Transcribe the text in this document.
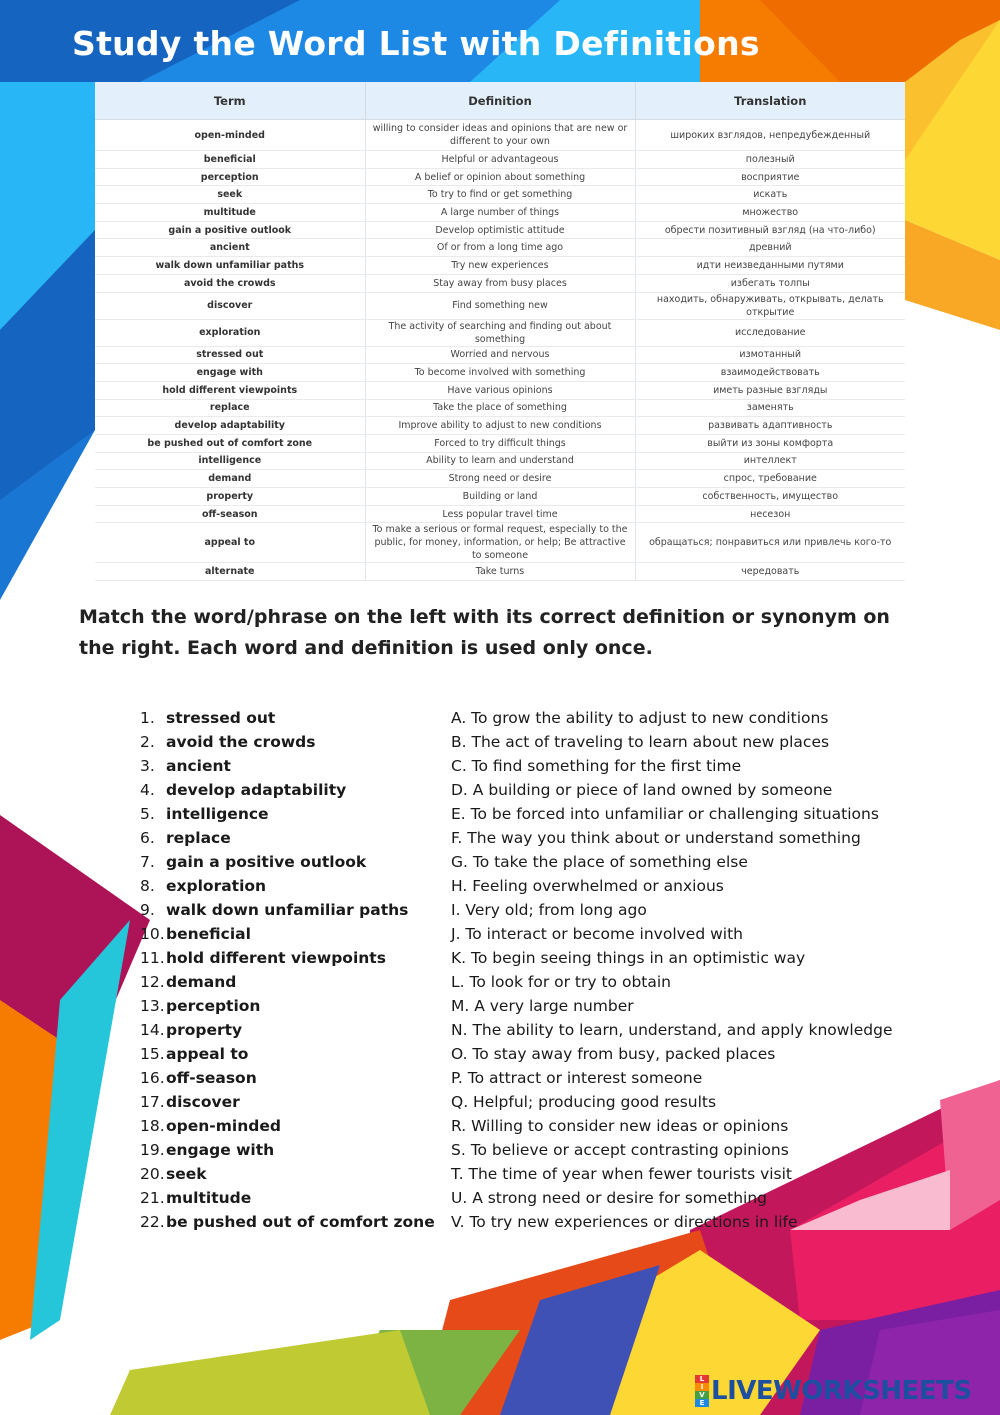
Study the Word List with Definitions
Term	Definition	Translation
open-minded	willing to consider ideas and opinions that are new or different to your own	широких взглядов, непредубежденный
beneficial	Helpful or advantageous	полезный
perception	A belief or opinion about something	восприятие
seek	To try to find or get something	искать
multitude	A large number of things	множество
gain a positive outlook	Develop optimistic attitude	обрести позитивный взгляд (на что-либо)
ancient	Of or from a long time ago	древний
walk down unfamiliar paths	Try new experiences	идти неизведанными путями
avoid the crowds	Stay away from busy places	избегать толпы
discover	Find something new	находить, обнаруживать, открывать, делать открытие
exploration	The activity of searching and finding out about something	исследование
stressed out	Worried and nervous	измотанный
engage with	To become involved with something	взаимодействовать
hold different viewpoints	Have various opinions	иметь разные взгляды
replace	Take the place of something	заменять
develop adaptability	Improve ability to adjust to new conditions	развивать адаптивность
be pushed out of comfort zone	Forced to try difficult things	выйти из зоны комфорта
intelligence	Ability to learn and understand	интеллект
demand	Strong need or desire	спрос, требование
property	Building or land	собственность, имущество
off-season	Less popular travel time	несезон
appeal to	To make a serious or formal request, especially to the public, for money, information, or help; Be attractive to someone	обращаться; понравиться или привлечь кого-то
alternate	Take turns	чередовать
Match the word/phrase on the left with its correct definition or synonym on the right. Each word and definition is used only once.
1. stressed out
2. avoid the crowds
3. ancient
4. develop adaptability
5. intelligence
6. replace
7. gain a positive outlook
8. exploration
9. walk down unfamiliar paths
10.beneficial
11.hold different viewpoints
12.demand
13.perception
14.property
15.appeal to
16.off-season
17.discover
18.open-minded
19.engage with
20.seek
21.multitude
22.be pushed out of comfort zone
A. To grow the ability to adjust to new conditions
B. The act of traveling to learn about new places
C. To find something for the first time
D. A building or piece of land owned by someone
E. To be forced into unfamiliar or challenging situations
F. The way you think about or understand something
G. To take the place of something else
H. Feeling overwhelmed or anxious
I. Very old; from long ago
J. To interact or become involved with
K. To begin seeing things in an optimistic way
L. To look for or try to obtain
M. A very large number
N. The ability to learn, understand, and apply knowledge
O. To stay away from busy, packed places
P. To attract or interest someone
Q. Helpful; producing good results
R. Willing to consider new ideas or opinions
S. To believe or accept contrasting opinions
T. The time of year when fewer tourists visit
U. A strong need or desire for something
V. To try new experiences or directions in life
L
I
V
E LIVEWORKSHEETS
